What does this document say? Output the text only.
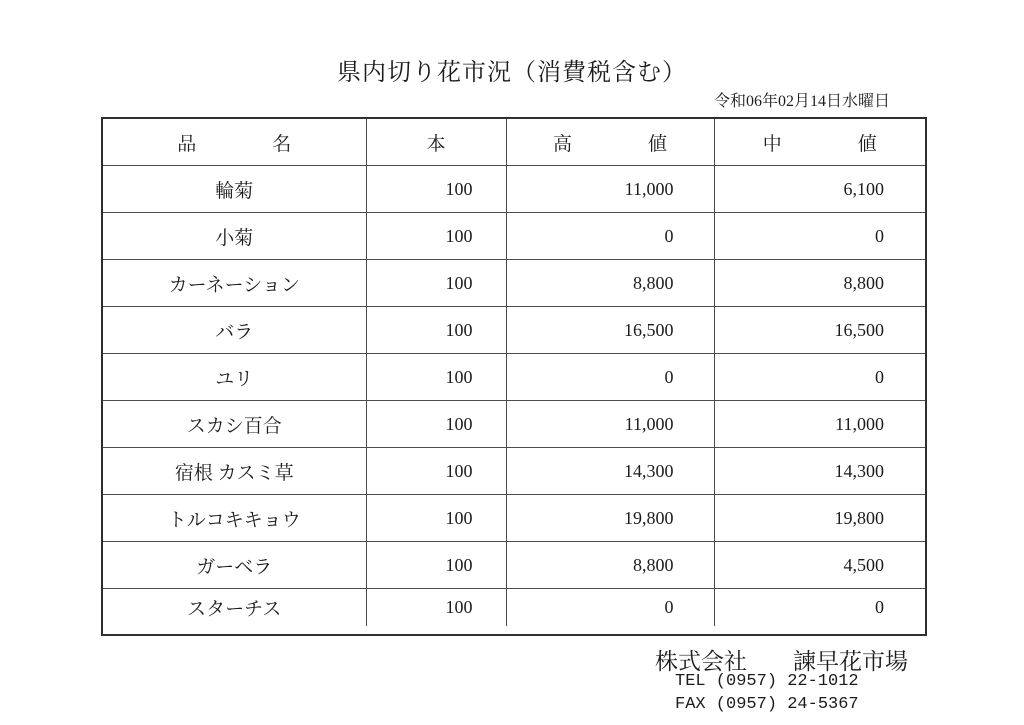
県内切り花市況（消費税含む）
令和06年02月14日水曜日
品　　　　名	本	高　　　　値	中　　　　値
輪菊	100	11,000	6,100
小菊	100	0	0
カーネーション	100	8,800	8,800
バラ	100	16,500	16,500
ユリ	100	0	0
スカシ百合	100	11,000	11,000
宿根 カスミ草	100	14,300	14,300
トルコキキョウ	100	19,800	19,800
ガーベラ	100	8,800	4,500
スターチス	100	0	0
株式会社　　諫早花市場
TEL (0957) 22-1012
FAX (0957) 24-5367
